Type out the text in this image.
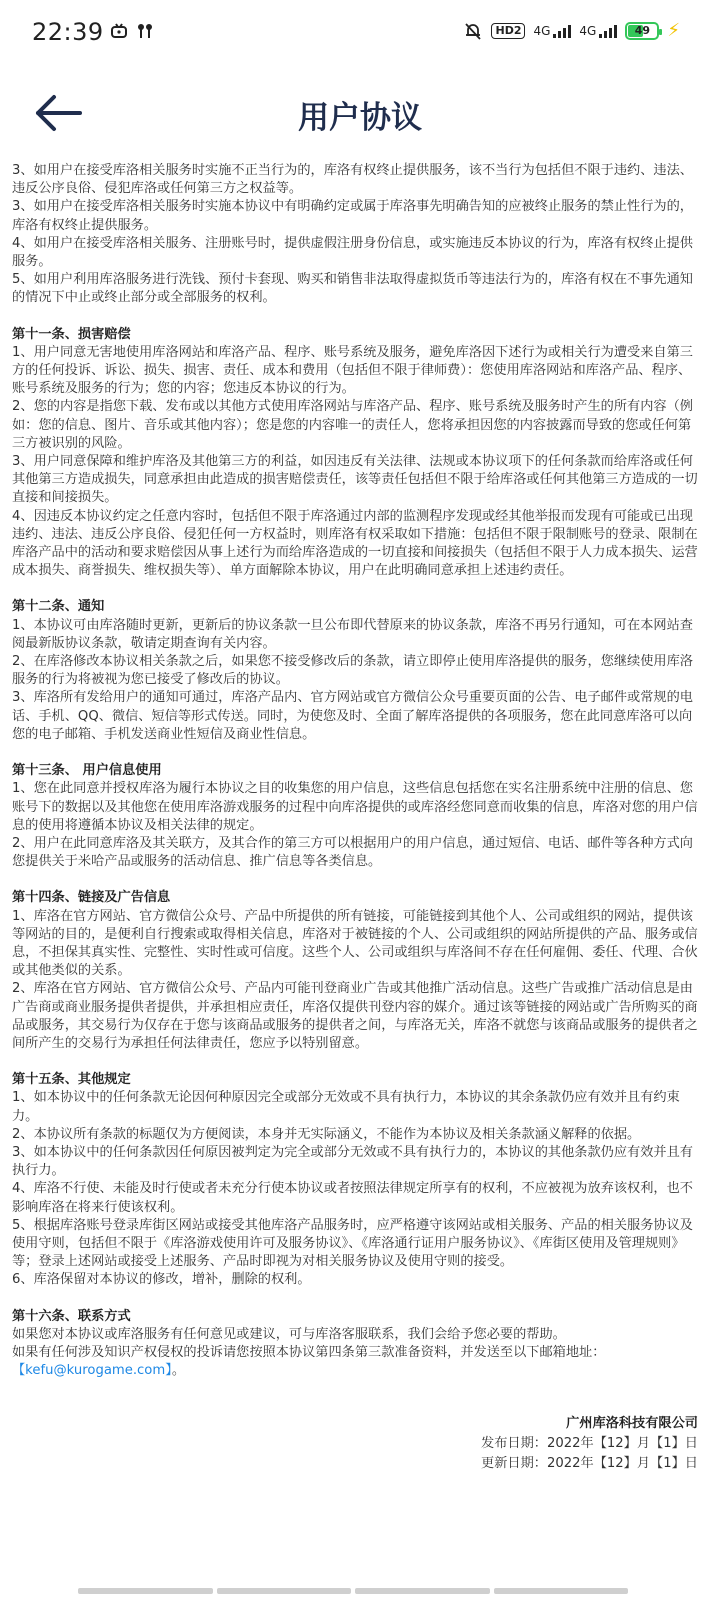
22:39	HD2	4G 4G	49 ⚡
用户协议

3、如用户在接受库洛相关服务时实施不正当行为的，库洛有权终止提供服务，该不当行为包括但不限于违约、违法、违反公序良俗、侵犯库洛或任何第三方之权益等。

3、如用户在接受库洛相关服务时实施本协议中有明确约定或属于库洛事先明确告知的应被终止服务的禁止性行为的，库洛有权终止提供服务。

4、如用户在接受库洛相关服务、注册账号时，提供虚假注册身份信息，或实施违反本协议的行为，库洛有权终止提供服务。

5、如用户利用库洛服务进行洗钱、预付卡套现、购买和销售非法取得虚拟货币等违法行为的，库洛有权在不事先通知的情况下中止或终止部分或全部服务的权利。

第十一条、损害赔偿

1、用户同意无害地使用库洛网站和库洛产品、程序、账号系统及服务，避免库洛因下述行为或相关行为遭受来自第三方的任何投诉、诉讼、损失、损害、责任、成本和费用（包括但不限于律师费）：您使用库洛网站和库洛产品、程序、账号系统及服务的行为；您的内容；您违反本协议的行为。

2、您的内容是指您下载、发布或以其他方式使用库洛网站与库洛产品、程序、账号系统及服务时产生的所有内容（例如：您的信息、图片、音乐或其他内容）；您是您的内容唯一的责任人，您将承担因您的内容披露而导致的您或任何第三方被识别的风险。

3、用户同意保障和维护库洛及其他第三方的利益，如因违反有关法律、法规或本协议项下的任何条款而给库洛或任何其他第三方造成损失，同意承担由此造成的损害赔偿责任，该等责任包括但不限于给库洛或任何其他第三方造成的一切直接和间接损失。

4、因违反本协议约定之任意内容时，包括但不限于库洛通过内部的监测程序发现或经其他举报而发现有可能或已出现违约、违法、违反公序良俗、侵犯任何一方权益时，则库洛有权采取如下措施：包括但不限于限制账号的登录、限制在库洛产品中的活动和要求赔偿因从事上述行为而给库洛造成的一切直接和间接损失（包括但不限于人力成本损失、运营成本损失、商誉损失、维权损失等）、单方面解除本协议，用户在此明确同意承担上述违约责任。

第十二条、通知

1、本协议可由库洛随时更新，更新后的协议条款一旦公布即代替原来的协议条款，库洛不再另行通知，可在本网站查阅最新版协议条款，敬请定期查询有关内容。

2、在库洛修改本协议相关条款之后，如果您不接受修改后的条款，请立即停止使用库洛提供的服务，您继续使用库洛服务的行为将被视为您已接受了修改后的协议。

3、库洛所有发给用户的通知可通过，库洛产品内、官方网站或官方微信公众号重要页面的公告、电子邮件或常规的电话、手机、QQ、微信、短信等形式传送。同时，为使您及时、全面了解库洛提供的各项服务，您在此同意库洛可以向您的电子邮箱、手机发送商业性短信及商业性信息。

第十三条、 用户信息使用

1、您在此同意并授权库洛为履行本协议之目的收集您的用户信息，这些信息包括您在实名注册系统中注册的信息、您账号下的数据以及其他您在使用库洛游戏服务的过程中向库洛提供的或库洛经您同意而收集的信息，库洛对您的用户信息的使用将遵循本协议及相关法律的规定。

2、用户在此同意库洛及其关联方，及其合作的第三方可以根据用户的用户信息，通过短信、电话、邮件等各种方式向您提供关于米哈产品或服务的活动信息、推广信息等各类信息。

第十四条、链接及广告信息

1、库洛在官方网站、官方微信公众号、产品中所提供的所有链接，可能链接到其他个人、公司或组织的网站，提供该等网站的目的，是便利自行搜索或取得相关信息，库洛对于被链接的个人、公司或组织的网站所提供的产品、服务或信息，不担保其真实性、完整性、实时性或可信度。这些个人、公司或组织与库洛间不存在任何雇佣、委任、代理、合伙或其他类似的关系。

2、库洛在官方网站、官方微信公众号、产品内可能刊登商业广告或其他推广活动信息。这些广告或推广活动信息是由广告商或商业服务提供者提供，并承担相应责任，库洛仅提供刊登内容的媒介。通过该等链接的网站或广告所购买的商品或服务，其交易行为仅存在于您与该商品或服务的提供者之间，与库洛无关，库洛不就您与该商品或服务的提供者之间所产生的交易行为承担任何法律责任，您应予以特别留意。

第十五条、其他规定

1、如本协议中的任何条款无论因何种原因完全或部分无效或不具有执行力，本协议的其余条款仍应有效并且有约束力。

2、本协议所有条款的标题仅为方便阅读，本身并无实际涵义，不能作为本协议及相关条款涵义解释的依据。

3、如本协议中的任何条款因任何原因被判定为完全或部分无效或不具有执行力的，本协议的其他条款仍应有效并且有执行力。

4、库洛不行使、未能及时行使或者未充分行使本协议或者按照法律规定所享有的权利，不应被视为放弃该权利，也不影响库洛在将来行使该权利。

5、根据库洛账号登录库街区网站或接受其他库洛产品服务时，应严格遵守该网站或相关服务、产品的相关服务协议及使用守则，包括但不限于《库洛游戏使用许可及服务协议》、《库洛通行证用户服务协议》、《库街区使用及管理规则》等；登录上述网站或接受上述服务、产品时即视为对相关服务协议及使用守则的接受。

6、库洛保留对本协议的修改，增补，删除的权利。

第十六条、联系方式

如果您对本协议或库洛服务有任何意见或建议，可与库洛客服联系，我们会给予您必要的帮助。

如果有任何涉及知识产权侵权的投诉请您按照本协议第四条第三款准备资料，并发送至以下邮箱地址：

【kefu@kurogame.com】。

广州库洛科技有限公司
发布日期：2022年【12】月【1】日
更新日期：2022年【12】月【1】日
